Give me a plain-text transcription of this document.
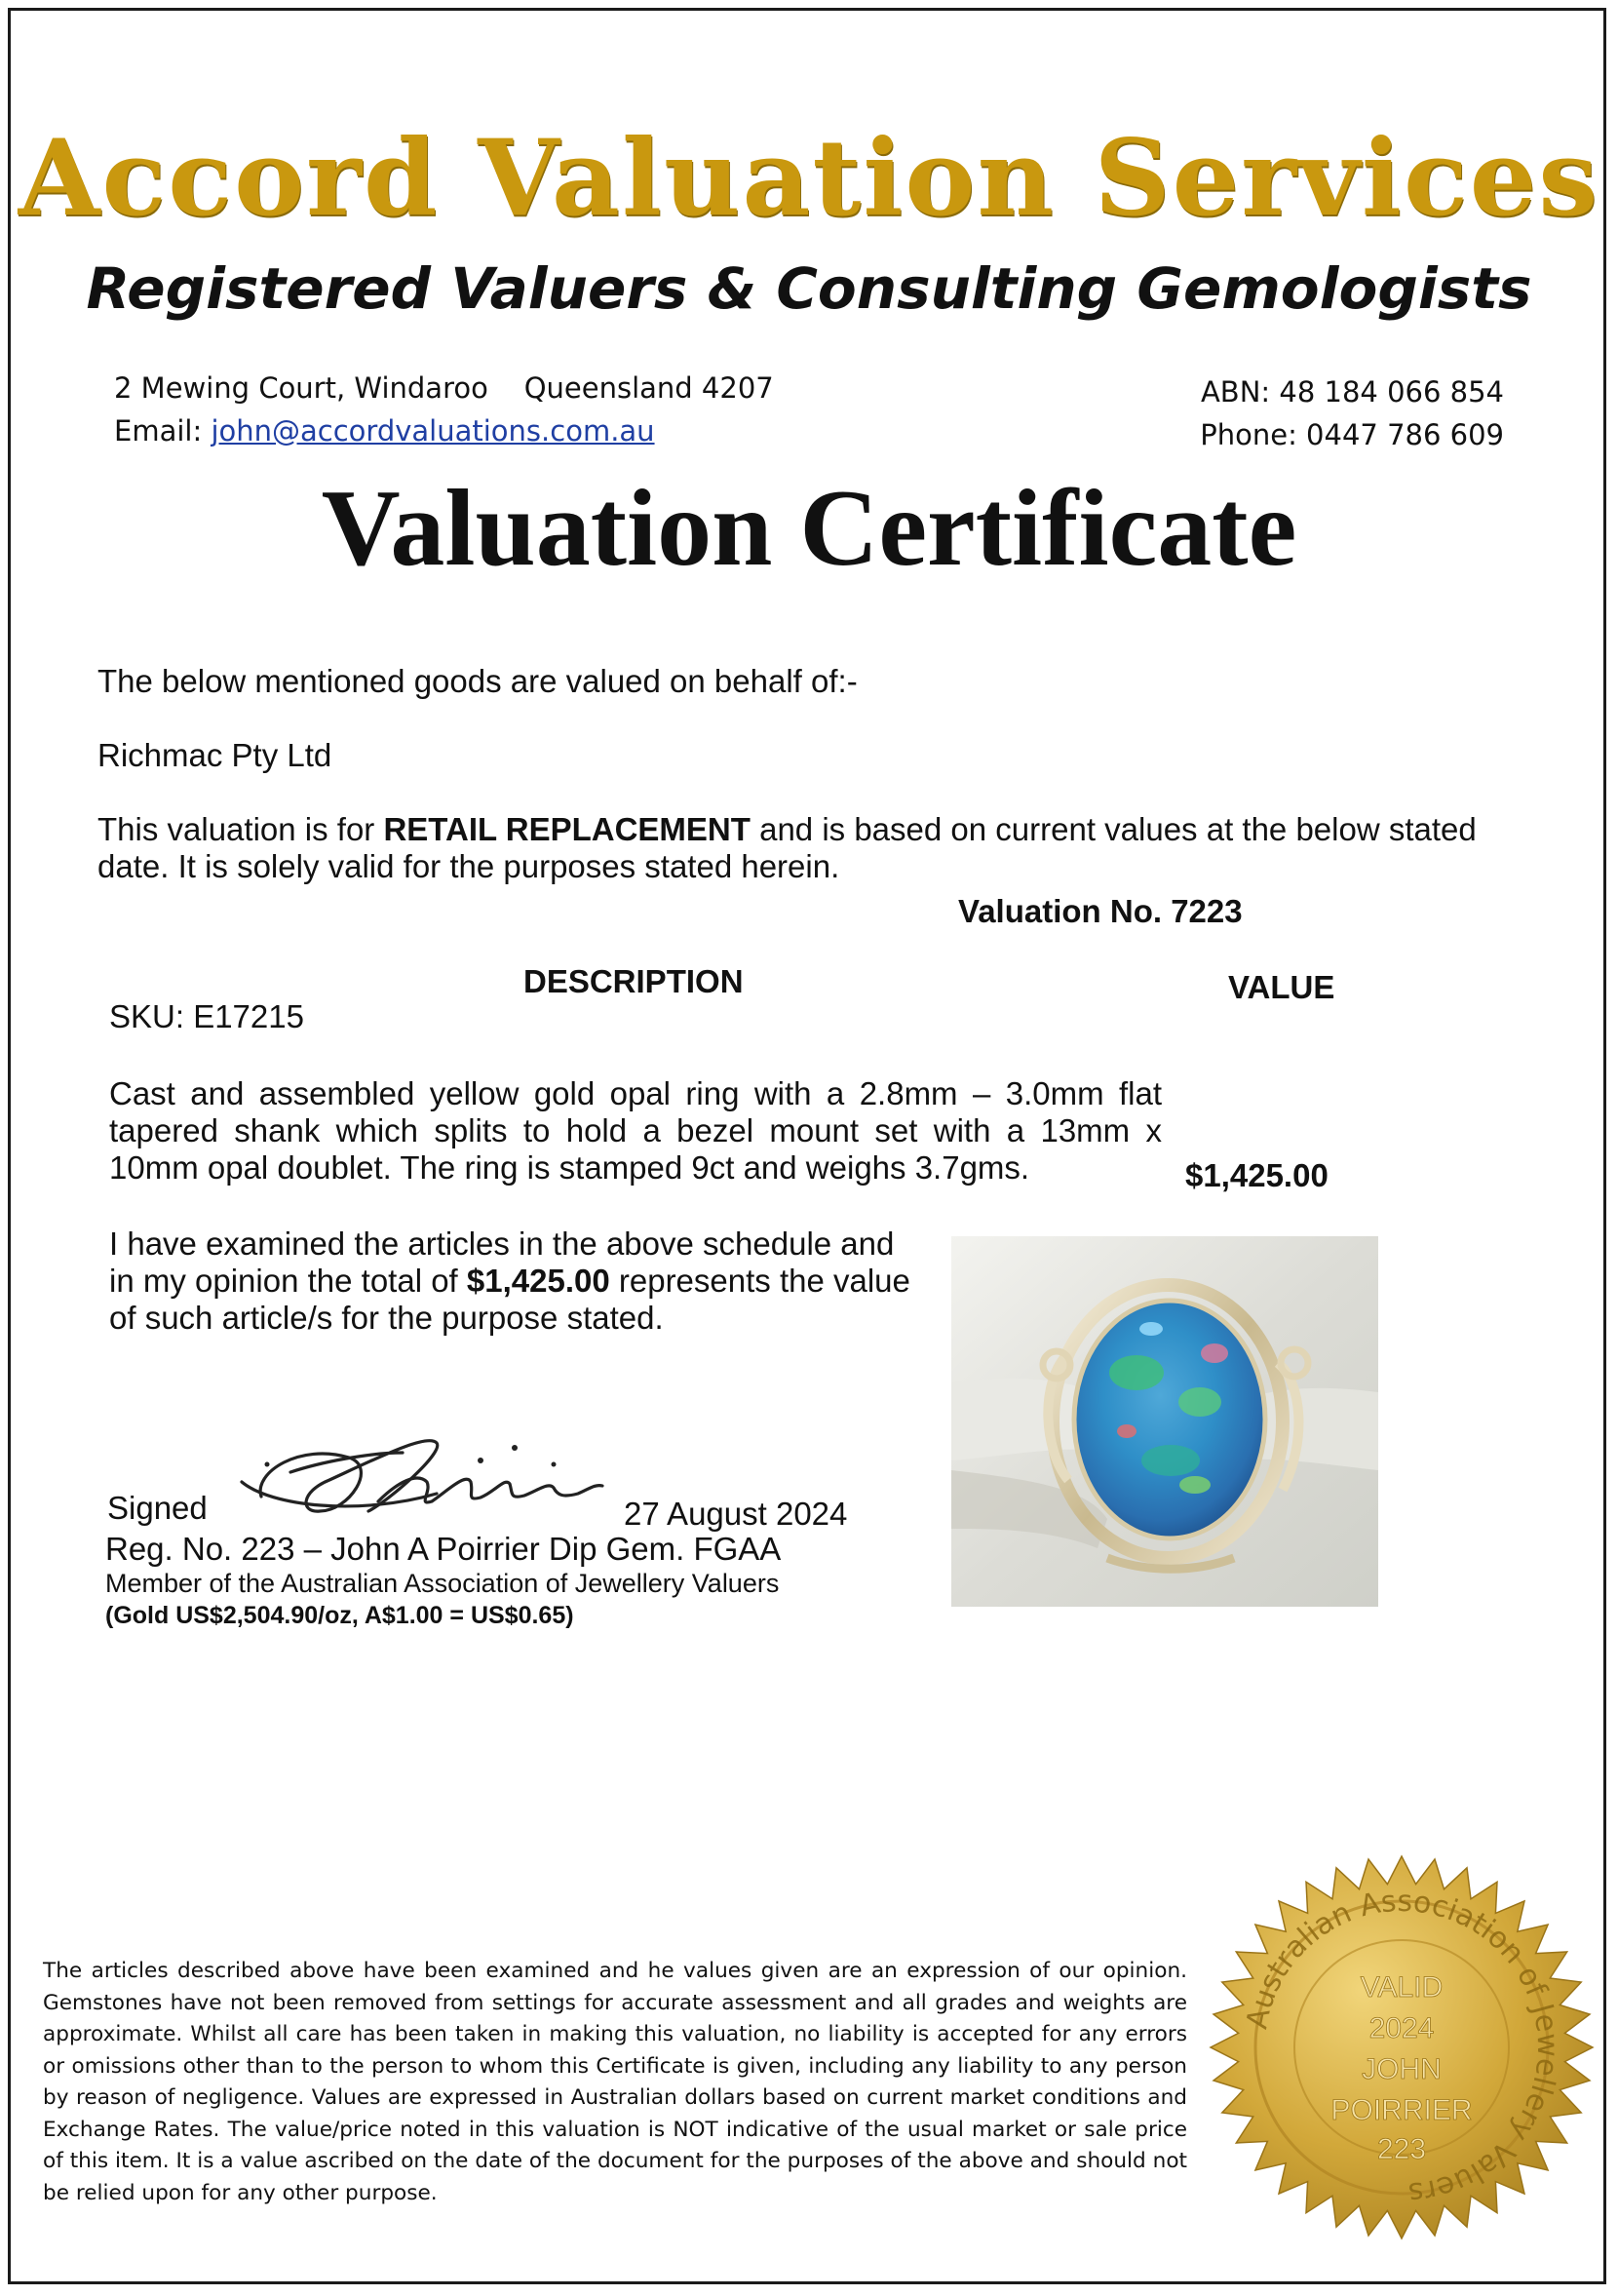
Accord Valuation Services
Registered Valuers & Consulting Gemologists
2 Mewing Court, Windaroo    Queensland 4207
Email: john@accordvaluations.com.au
ABN: 48 184 066 854
Phone: 0447 786 609
Valuation Certificate
The below mentioned goods are valued on behalf of:-
Richmac Pty Ltd
This valuation is for RETAIL REPLACEMENT and is based on current values at the below stated date. It is solely valid for the purposes stated herein.
Valuation No. 7223
DESCRIPTION	VALUE
SKU: E17215
Cast and assembled yellow gold opal ring with a 2.8mm – 3.0mm flat tapered shank which splits to hold a bezel mount set with a 13mm x 10mm opal doublet. The ring is stamped 9ct and weighs 3.7gms.	$1,425.00
I have examined the articles in the above schedule and in my opinion the total of $1,425.00 represents the value of such article/s for the purpose stated.
Signed	27 August 2024
Reg. No. 223 – John A Poirrier Dip Gem. FGAA
Member of the Australian Association of Jewellery Valuers
(Gold US$2,504.90/oz, A$1.00 = US$0.65)
The articles described above have been examined and he values given are an expression of our opinion. Gemstones have not been removed from settings for accurate assessment and all grades and weights are approximate. Whilst all care has been taken in making this valuation, no liability is accepted for any errors or omissions other than to the person to whom this Certificate is given, including any liability to any person by reason of negligence. Values are expressed in Australian dollars based on current market conditions and Exchange Rates. The value/price noted in this valuation is NOT indicative of the usual market or sale price of this item. It is a value ascribed on the date of the document for the purposes of the above and should not be relied upon for any other purpose.
Australian Association of Jewellery Valuers
VALID
2024
JOHN
POIRRIER
223
